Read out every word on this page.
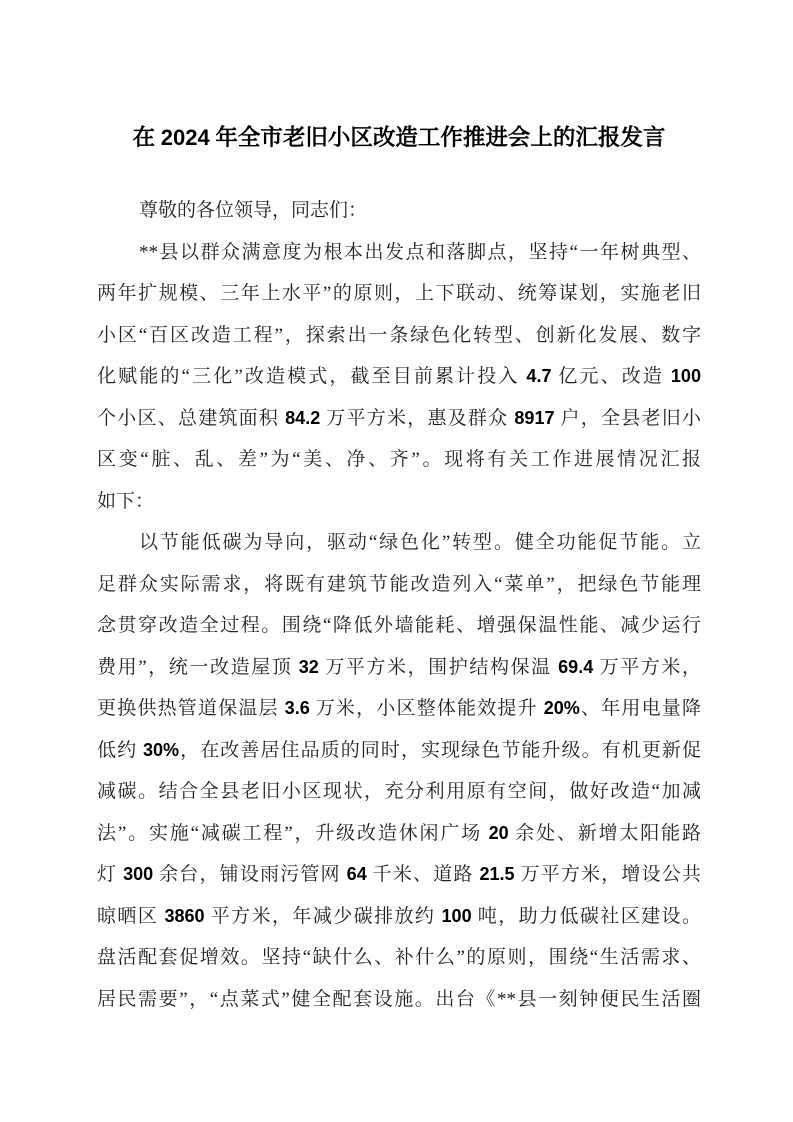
在 2024 年全市老旧小区改造工作推进会上的汇报发言
尊敬的各位领导，同志们：
**县以群众满意度为根本出发点和落脚点，坚持“一年树典型、
两年扩规模、三年上水平”的原则，上下联动、统筹谋划，实施老旧
小区“百区改造工程”，探索出一条绿色化转型、创新化发展、数字
化赋能的“三化”改造模式，截至目前累计投入 4.7 亿元、改造 100
个小区、总建筑面积 84.2 万平方米，惠及群众 8917 户，全县老旧小
区变“脏、乱、差”为“美、净、齐”。现将有关工作进展情况汇报
如下：
以节能低碳为导向，驱动“绿色化”转型。健全功能促节能。立
足群众实际需求，将既有建筑节能改造列入“菜单”，把绿色节能理
念贯穿改造全过程。围绕“降低外墙能耗、增强保温性能、减少运行
费用”，统一改造屋顶 32 万平方米，围护结构保温 69.4 万平方米，
更换供热管道保温层 3.6 万米，小区整体能效提升 20%、年用电量降
低约 30%，在改善居住品质的同时，实现绿色节能升级。有机更新促
减碳。结合全县老旧小区现状，充分利用原有空间，做好改造“加减
法”。实施“减碳工程”，升级改造休闲广场 20 余处、新增太阳能路
灯 300 余台，铺设雨污管网 64 千米、道路 21.5 万平方米，增设公共
晾晒区 3860 平方米，年减少碳排放约 100 吨，助力低碳社区建设。
盘活配套促增效。坚持“缺什么、补什么”的原则，围绕“生活需求、
居民需要”，“点菜式”健全配套设施。出台《**县一刻钟便民生活圈
